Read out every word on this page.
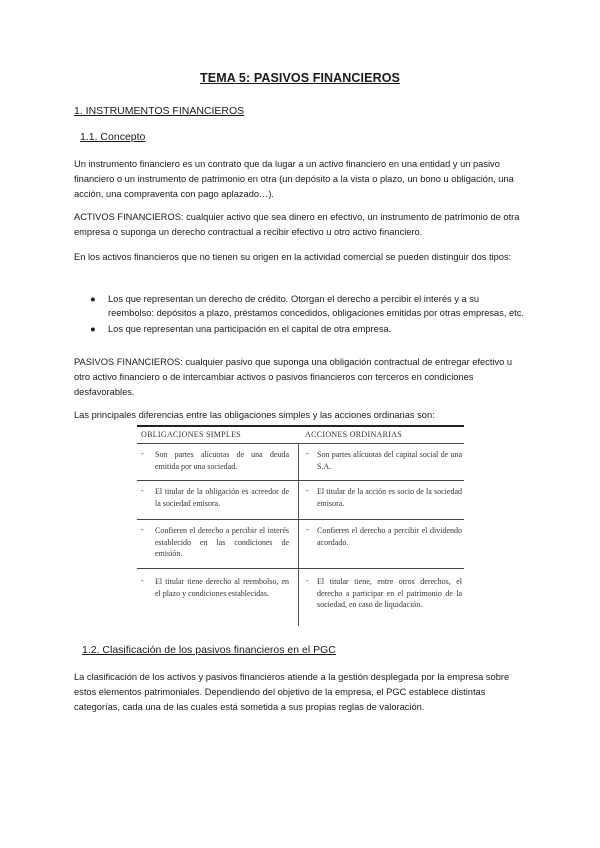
TEMA 5: PASIVOS FINANCIEROS
1. INSTRUMENTOS FINANCIEROS
1.1. Concepto

Un instrumento financiero es un contrato que da lugar a un activo financiero en una entidad y un pasivo financiero o un instrumento de patrimonio en otra (un depósito a la vista o plazo, un bono u obligación, una acción, una compraventa con pago aplazado…).

ACTIVOS FINANCIEROS: cualquier activo que sea dinero en efectivo, un instrumento de patrimonio de otra empresa o suponga un derecho contractual a recibir efectivo u otro activo financiero.

En los activos financieros que no tienen su origen en la actividad comercial se pueden distinguir dos tipos:

● Los que representan un derecho de crédito. Otorgan el derecho a percibir el interés y a su reembolso: depósitos a plazo, préstamos concedidos, obligaciones emitidas por otras empresas, etc.
● Los que representan una participación en el capital de otra empresa.

PASIVOS FINANCIEROS: cualquier pasivo que suponga una obligación contractual de entregar efectivo u otro activo financiero o de intercambiar activos o pasivos financieros con terceros en condiciones desfavorables.

Las principales diferencias entre las obligaciones simples y las acciones ordinarias son:

OBLIGACIONES SIMPLES	ACCIONES ORDINARIAS
- Son partes alícuotas de una deuda emitida por una sociedad.
- Son partes alícuotas del capital social de una S.A.
- El titular de la obligación es acreedor de la sociedad emisora.
- El titular de la acción es socio de la sociedad emisora.
- Confieren el derecho a percibir el interés establecido en las condiciones de emisión.
- Confieren el derecho a percibir el dividendo acordado.
- El titular tiene derecho al reembolso, en el plazo y condiciones establecidas.
- El titular tiene, entre otros derechos, el derecho a participar en el patrimonio de la sociedad, en caso de liquidación.
1.2. Clasificación de los pasivos financieros en el PGC

La clasificación de los activos y pasivos financieros atiende a la gestión desplegada por la empresa sobre estos elementos patrimoniales. Dependiendo del objetivo de la empresa, el PGC establece distintas categorías, cada una de las cuales está sometida a sus propias reglas de valoración.
